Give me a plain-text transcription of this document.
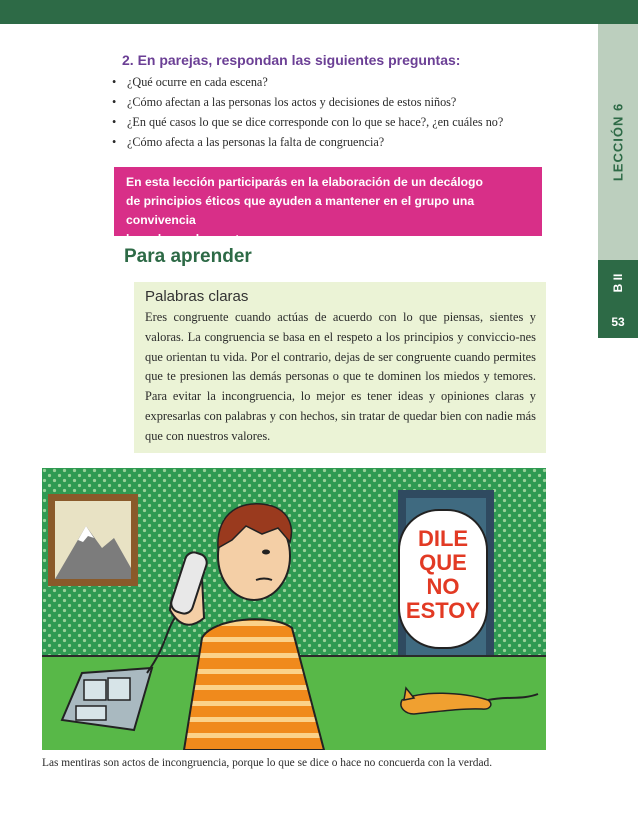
LECCIÓN 6
B II
53
2. En parejas, respondan las siguientes preguntas:
• ¿Qué ocurre en cada escena?
• ¿Cómo afectan a las personas los actos y decisiones de estos niños?
• ¿En qué casos lo que se dice corresponde con lo que se hace?, ¿en cuáles no?
• ¿Cómo afecta a las personas la falta de congruencia?

En esta lección participarás en la elaboración de un decálogo

de principios éticos que ayuden a mantener en el grupo una convivencia

basada en el respeto.

Para aprender
Palabras claras

Eres congruente cuando actúas de acuerdo con lo que piensas, sientes y valoras. La congruencia se basa en el respeto a los principios y conviccio-nes que orientan tu vida. Por el contrario, dejas de ser congruente cuando permites que te presionen las demás personas o que te dominen los miedos y temores. Para evitar la incongruencia, lo mejor es tener ideas y opiniones claras y expresarlas con palabras y con hechos, sin tratar de quedar bien con nadie más que con nuestros valores.

DILE
QUE
NO
ESTOY

Las mentiras son actos de incongruencia, porque lo que se dice o hace no concuerda con la verdad.
